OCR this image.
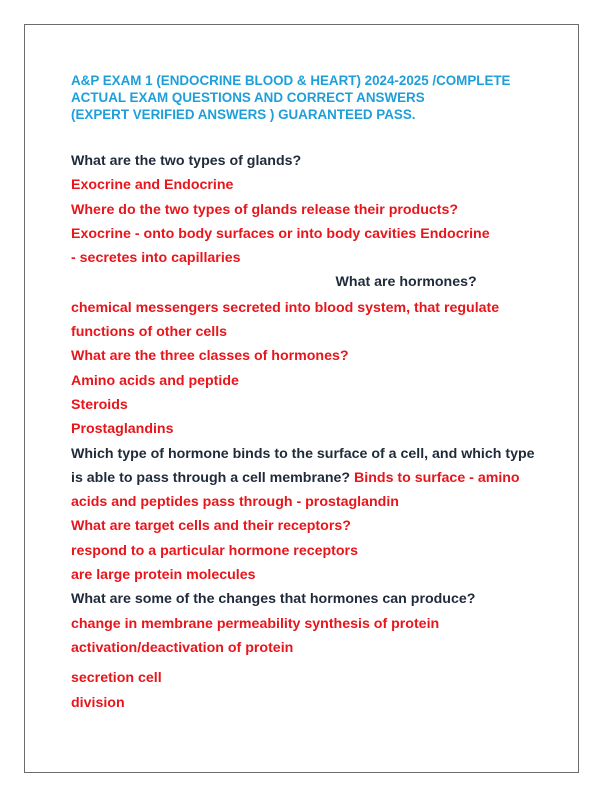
A&P EXAM 1 (ENDOCRINE BLOOD & HEART) 2024-2025 /COMPLETE
ACTUAL EXAM QUESTIONS AND CORRECT ANSWERS
(EXPERT VERIFIED ANSWERS ) GUARANTEED PASS.
What are the two types of glands?
Exocrine and Endocrine
Where do the two types of glands release their products?
Exocrine - onto body surfaces or into body cavities Endocrine
- secretes into capillaries
Read More What are hormones?
chemical messengers secreted into blood system, that regulate
functions of other cells
What are the three classes of hormones?
Amino acids and peptide
Steroids
Prostaglandins
Which type of hormone binds to the surface of a cell, and which type
is able to pass through a cell membrane? Binds to surface - amino
acids and peptides pass through - prostaglandin
What are target cells and their receptors?
respond to a particular hormone receptors
are large protein molecules
What are some of the changes that hormones can produce?
change in membrane permeability synthesis of protein
activation/deactivation of protein
secretion cell
division
